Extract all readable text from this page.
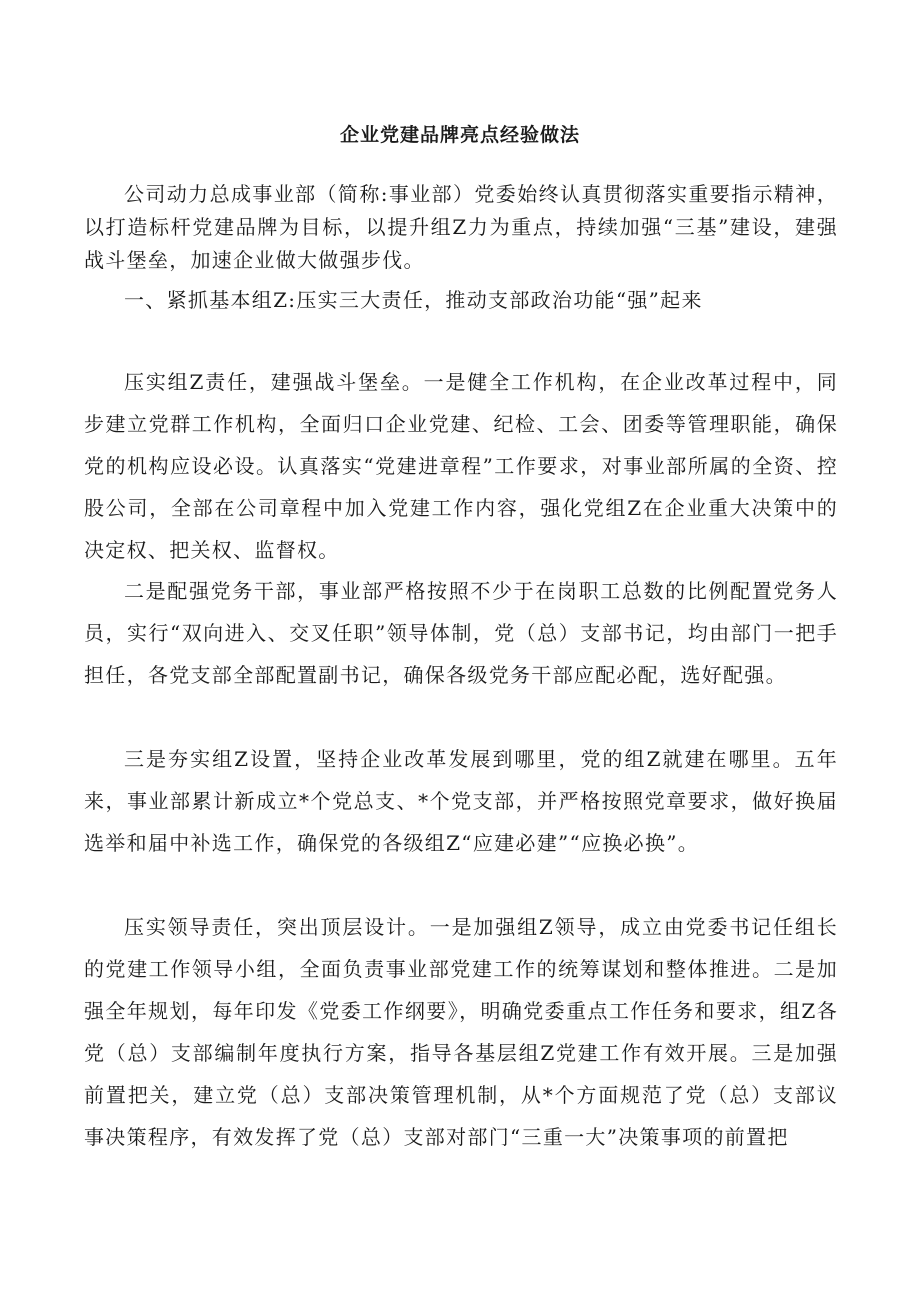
企业党建品牌亮点经验做法

公司动力总成事业部（简称:事业部）党委始终认真贯彻落实重要指示精神，以打造标杆党建品牌为目标，以提升组Z力为重点，持续加强“三基”建设，建强战斗堡垒，加速企业做大做强步伐。

一、紧抓基本组Z:压实三大责任，推动支部政治功能“强”起来

压实组Z责任，建强战斗堡垒。一是健全工作机构，在企业改革过程中，同步建立党群工作机构，全面归口企业党建、纪检、工会、团委等管理职能，确保党的机构应设必设。认真落实“党建进章程”工作要求，对事业部所属的全资、控股公司，全部在公司章程中加入党建工作内容，强化党组Z在企业重大决策中的决定权、把关权、监督权。

二是配强党务干部，事业部严格按照不少于在岗职工总数的比例配置党务人员，实行“双向进入、交叉任职”领导体制，党（总）支部书记，均由部门一把手担任，各党支部全部配置副书记，确保各级党务干部应配必配，选好配强。

三是夯实组Z设置，坚持企业改革发展到哪里，党的组Z就建在哪里。五年来，事业部累计新成立*个党总支、*个党支部，并严格按照党章要求，做好换届选举和届中补选工作，确保党的各级组Z“应建必建”“应换必换”。

压实领导责任，突出顶层设计。一是加强组Z领导，成立由党委书记任组长的党建工作领导小组，全面负责事业部党建工作的统筹谋划和整体推进。二是加强全年规划，每年印发《党委工作纲要》，明确党委重点工作任务和要求，组Z各党（总）支部编制年度执行方案，指导各基层组Z党建工作有效开展。三是加强前置把关，建立党（总）支部决策管理机制，从*个方面规范了党（总）支部议事决策程序，有效发挥了党（总）支部对部门“三重一大”决策事项的前置把
